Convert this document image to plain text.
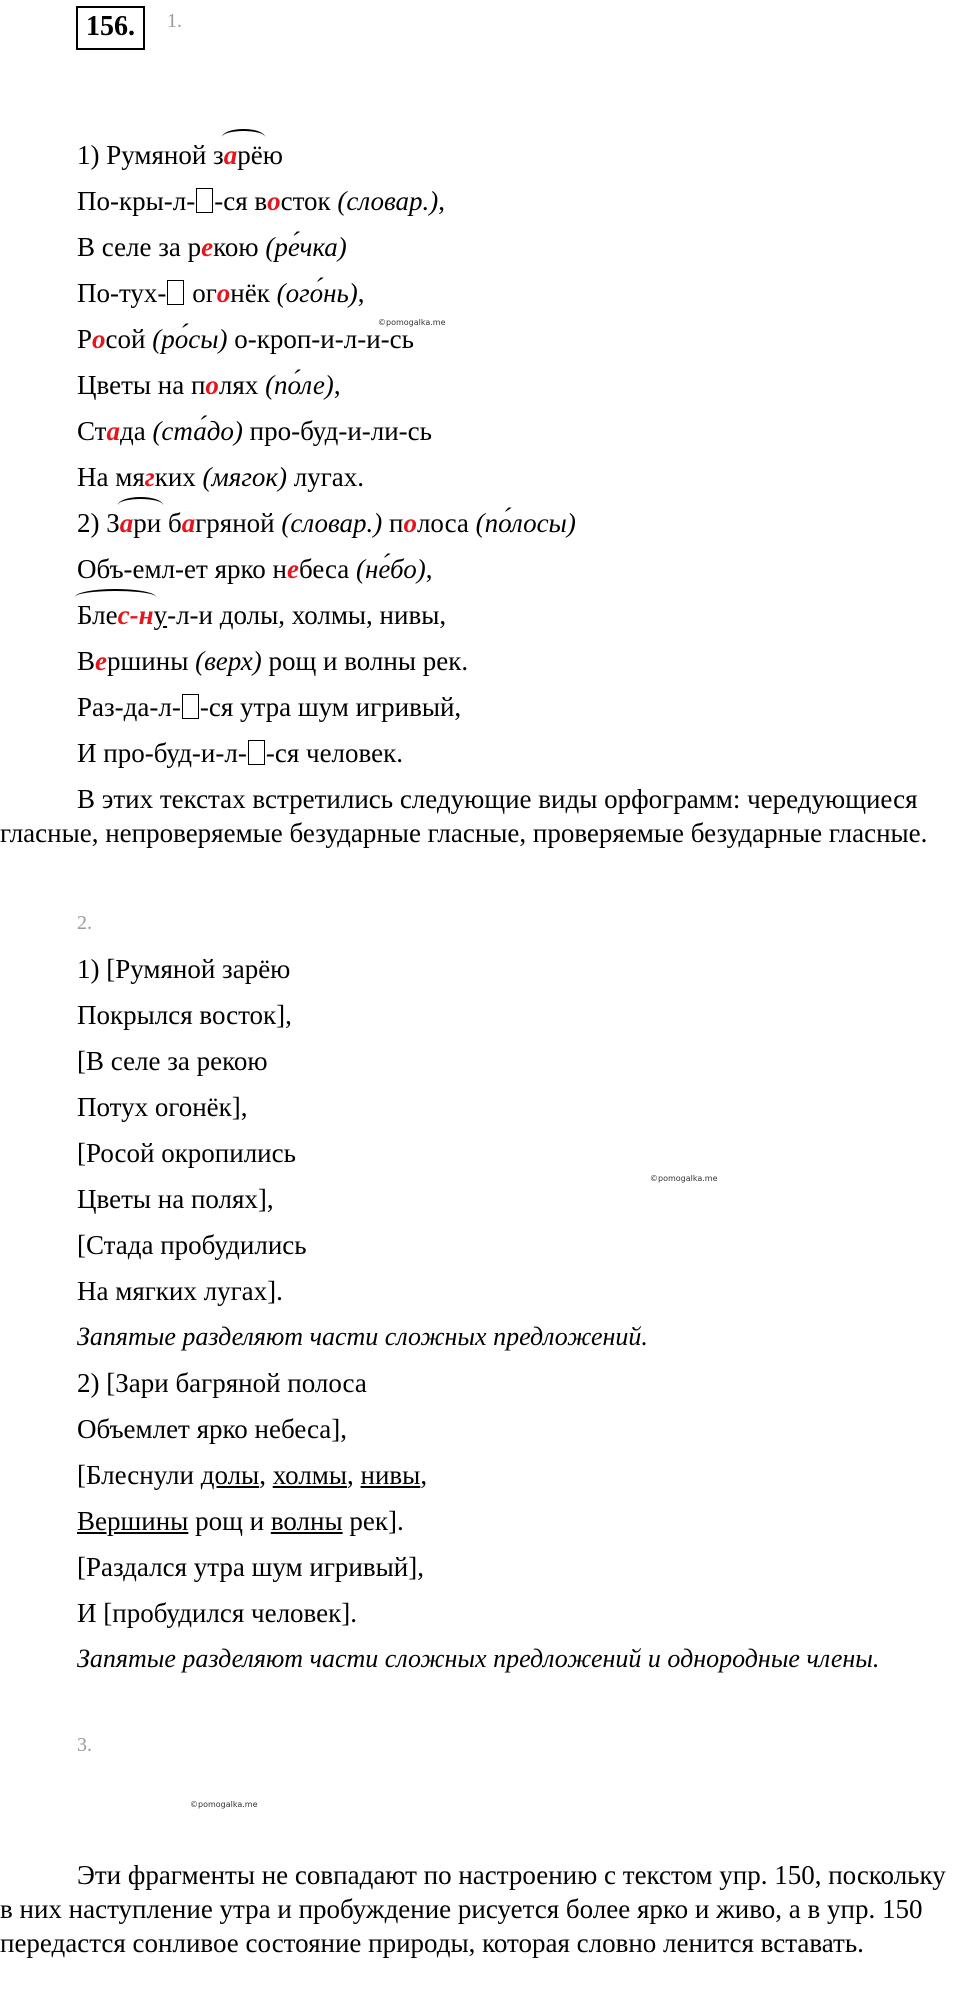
156.	1.
1) Румяной зарёю
По-кры-л- -ся восток (словар.),
В селе за рекою (ре́чка)
По-тух- огонёк (ого́нь),
©pomogalka.me
Росой (ро́сы) о-кроп-и-л-и-сь
Цветы на полях (по́ле),
Стада (ста́до) про-буд-и-ли-сь
На мягких (мягок) лугах.
2) Зари багряной (словар.) полоса (по́лосы)
Объ-емл-ет ярко небеса (не́бо),
Блес-ну-л-и долы, холмы, нивы,
Вершины (верх) рощ и волны рек.
Раз-да-л- -ся утра шум игривый,
И про-буд-и-л- -ся человек.
В этих текстах встретились следующие виды орфограмм: чередующиеся гласные, непроверяемые безударные гласные, проверяемые безударные гласные.
2.
1) [Румяной зарёю
Покрылся восток],
[В селе за рекою
Потух огонёк],
[Росой окропились
©pomogalka.me
Цветы на полях],
[Стада пробудились
На мягких лугах].
Запятые разделяют части сложных предложений.
2) [Зари багряной полоса
Объемлет ярко небеса],
[Блеснули долы, холмы, нивы,
Вершины рощ и волны рек].
[Раздался утра шум игривый],
И [пробудился человек].
Запятые разделяют части сложных предложений и однородные члены.
3.
©pomogalka.me
Эти фрагменты не совпадают по настроению с текстом упр. 150, поскольку в них наступление утра и пробуждение рисуется более ярко и живо, а в упр. 150 передастся сонливое состояние природы, которая словно ленится вставать.
